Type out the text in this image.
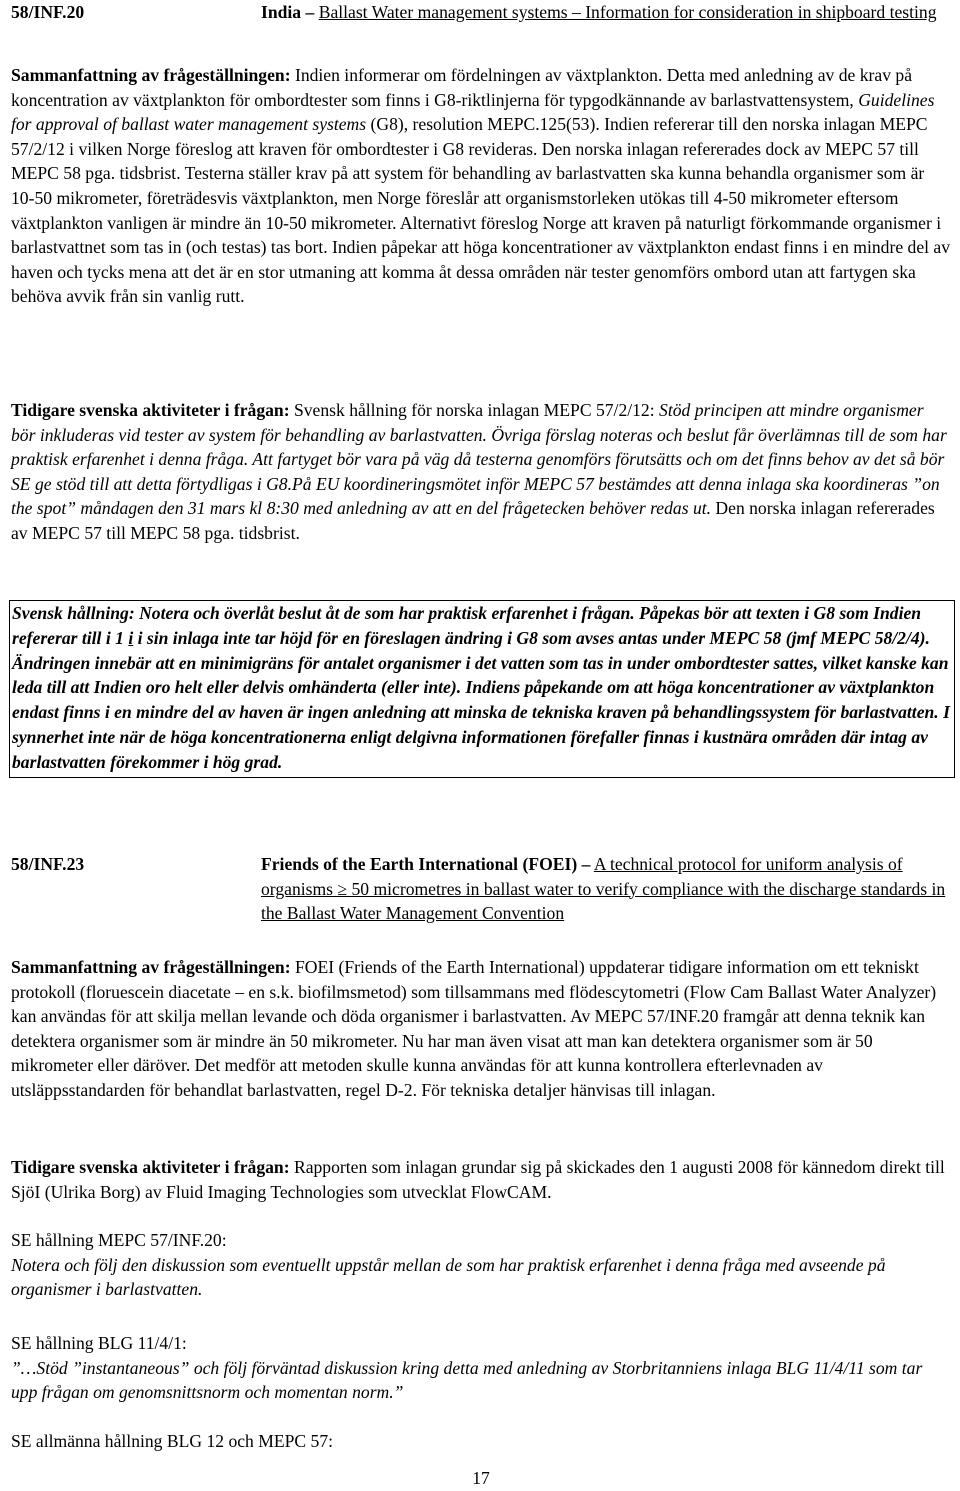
58/INF.20	India – Ballast Water management systems – Information for consideration in shipboard testing

Sammanfattning av frågeställningen: Indien informerar om fördelningen av växtplankton. Detta med anledning av de krav på koncentration av växtplankton för ombordtester som finns i G8-riktlinjerna för typgodkännande av barlastvattensystem, Guidelines for approval of ballast water management systems (G8), resolution MEPC.125(53). Indien refererar till den norska inlagan MEPC 57/2/12 i vilken Norge föreslog att kraven för ombordtester i G8 revideras. Den norska inlagan refererades dock av MEPC 57 till MEPC 58 pga. tidsbrist. Testerna ställer krav på att system för behandling av barlastvatten ska kunna behandla organismer som är 10-50 mikrometer, företrädesvis växtplankton, men Norge föreslår att organismstorleken utökas till 4-50 mikrometer eftersom växtplankton vanligen är mindre än 10-50 mikrometer. Alternativt föreslog Norge att kraven på naturligt förkommande organismer i barlastvattnet som tas in (och testas) tas bort. Indien påpekar att höga koncentrationer av växtplankton endast finns i en mindre del av haven och tycks mena att det är en stor utmaning att komma åt dessa områden när tester genomförs ombord utan att fartygen ska behöva avvik från sin vanlig rutt.

Tidigare svenska aktiviteter i frågan: Svensk hållning för norska inlagan MEPC 57/2/12: Stöd principen att mindre organismer bör inkluderas vid tester av system för behandling av barlastvatten. Övriga förslag noteras och beslut får överlämnas till de som har praktisk erfarenhet i denna fråga. Att fartyget bör vara på väg då testerna genomförs förutsätts och om det finns behov av det så bör SE ge stöd till att detta förtydligas i G8.På EU koordineringsmötet inför MEPC 57 bestämdes att denna inlaga ska koordineras ”on the spot” måndagen den 31 mars kl 8:30 med anledning av att en del frågetecken behöver redas ut. Den norska inlagan refererades av MEPC 57 till MEPC 58 pga. tidsbrist.

Svensk hållning: Notera och överlåt beslut åt de som har praktisk erfarenhet i frågan. Påpekas bör att texten i G8 som Indien refererar till i 1 i i sin inlaga inte tar höjd för en föreslagen ändring i G8 som avses antas under MEPC 58 (jmf MEPC 58/2/4). Ändringen innebär att en minimigräns för antalet organismer i det vatten som tas in under ombordtester sattes, vilket kanske kan leda till att Indien oro helt eller delvis omhänderta (eller inte). Indiens påpekande om att höga koncentrationer av växtplankton endast finns i en mindre del av haven är ingen anledning att minska de tekniska kraven på behandlingssystem för barlastvatten. I synnerhet inte när de höga koncentrationerna enligt delgivna informationen förefaller finnas i kustnära områden där intag av barlastvatten förekommer i hög grad.
58/INF.23	Friends of the Earth International (FOEI) – A technical protocol for uniform analysis of organisms ≥ 50 micrometres in ballast water to verify compliance with the discharge standards in the Ballast Water Management Convention

Sammanfattning av frågeställningen: FOEI (Friends of the Earth International) uppdaterar tidigare information om ett tekniskt protokoll (floruescein diacetate – en s.k. biofilmsmetod) som tillsammans med flödescytometri (Flow Cam Ballast Water Analyzer) kan användas för att skilja mellan levande och döda organismer i barlastvatten. Av MEPC 57/INF.20 framgår att denna teknik kan detektera organismer som är mindre än 50 mikrometer. Nu har man även visat att man kan detektera organismer som är 50 mikrometer eller däröver. Det medför att metoden skulle kunna användas för att kunna kontrollera efterlevnaden av utsläppsstandarden för behandlat barlastvatten, regel D-2. För tekniska detaljer hänvisas till inlagan.

Tidigare svenska aktiviteter i frågan: Rapporten som inlagan grundar sig på skickades den 1 augusti 2008 för kännedom direkt till SjöI (Ulrika Borg) av Fluid Imaging Technologies som utvecklat FlowCAM.

SE hållning MEPC 57/INF.20:
Notera och följ den diskussion som eventuellt uppstår mellan de som har praktisk erfarenhet i denna fråga med avseende på organismer i barlastvatten.
SE hållning BLG 11/4/1:
”…Stöd ”instantaneous” och följ förväntad diskussion kring detta med anledning av Storbritanniens inlaga BLG 11/4/11 som tar upp frågan om genomsnittsnorm och momentan norm.”
SE allmänna hållning BLG 12 och MEPC 57:
17
